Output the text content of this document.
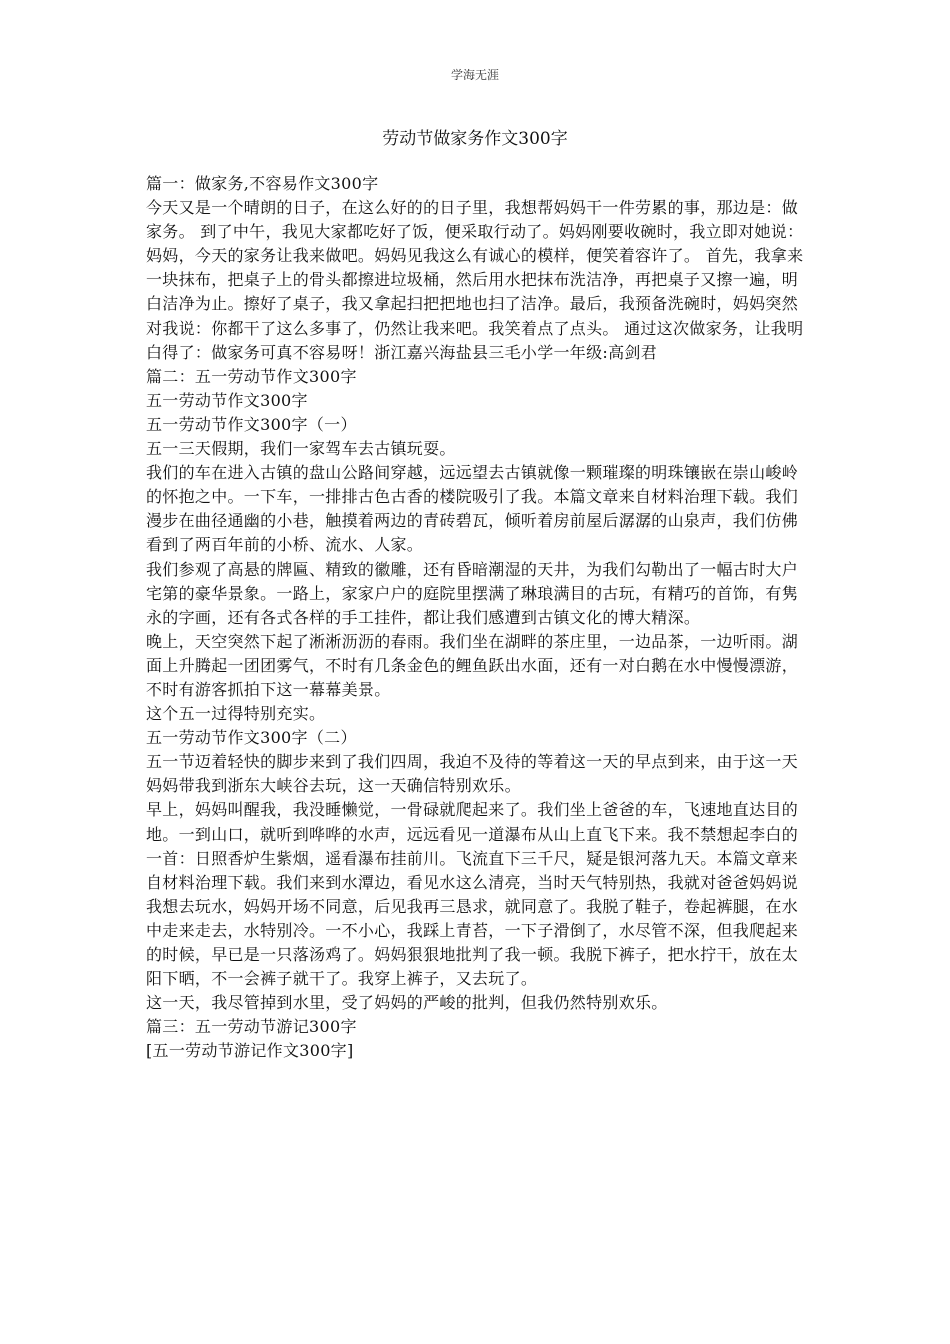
学海无涯
劳动节做家务作文300字

篇一：做家务,不容易作文300字

今天又是一个晴朗的日子，在这么好的的日子里，我想帮妈妈干一件劳累的事，那边是：做家务。 到了中午，我见大家都吃好了饭，便采取行动了。妈妈刚要收碗时，我立即对她说：妈妈，今天的家务让我来做吧。妈妈见我这么有诚心的模样，便笑着容许了。 首先，我拿来一块抹布，把桌子上的骨头都擦进垃圾桶，然后用水把抹布洗洁净，再把桌子又擦一遍，明白洁净为止。擦好了桌子，我又拿起扫把把地也扫了洁净。最后，我预备洗碗时，妈妈突然对我说：你都干了这么多事了，仍然让我来吧。我笑着点了点头。 通过这次做家务，让我明白得了：做家务可真不容易呀！浙江嘉兴海盐县三毛小学一年级:高剑君

篇二：五一劳动节作文300字

五一劳动节作文300字

五一劳动节作文300字（一）

五一三天假期，我们一家驾车去古镇玩耍。

我们的车在进入古镇的盘山公路间穿越，远远望去古镇就像一颗璀璨的明珠镶嵌在崇山峻岭的怀抱之中。一下车，一排排古色古香的楼院吸引了我。本篇文章来自材料治理下载。我们漫步在曲径通幽的小巷，触摸着两边的青砖碧瓦，倾听着房前屋后潺潺的山泉声，我们仿佛看到了两百年前的小桥、流水、人家。

我们参观了高悬的牌匾、精致的徽雕，还有昏暗潮湿的天井，为我们勾勒出了一幅古时大户宅第的豪华景象。一路上，家家户户的庭院里摆满了琳琅满目的古玩，有精巧的首饰，有隽永的字画，还有各式各样的手工挂件，都让我们感遭到古镇文化的博大精深。

晚上，天空突然下起了淅淅沥沥的春雨。我们坐在湖畔的茶庄里，一边品茶，一边听雨。湖面上升腾起一团团雾气，不时有几条金色的鲤鱼跃出水面，还有一对白鹅在水中慢慢漂游，不时有游客抓拍下这一幕幕美景。

这个五一过得特别充实。

五一劳动节作文300字（二）

五一节迈着轻快的脚步来到了我们四周，我迫不及待的等着这一天的早点到来，由于这一天妈妈带我到浙东大峡谷去玩，这一天确信特别欢乐。

早上，妈妈叫醒我，我没睡懒觉，一骨碌就爬起来了。我们坐上爸爸的车，飞速地直达目的地。一到山口，就听到哗哗的水声，远远看见一道瀑布从山上直飞下来。我不禁想起李白的一首：日照香炉生紫烟，遥看瀑布挂前川。飞流直下三千尺，疑是银河落九天。本篇文章来自材料治理下载。我们来到水潭边，看见水这么清亮，当时天气特别热，我就对爸爸妈妈说我想去玩水，妈妈开场不同意，后见我再三恳求，就同意了。我脱了鞋子，卷起裤腿，在水中走来走去，水特别冷。一不小心，我踩上青苔，一下子滑倒了，水尽管不深，但我爬起来的时候，早已是一只落汤鸡了。妈妈狠狠地批判了我一顿。我脱下裤子，把水拧干，放在太阳下晒，不一会裤子就干了。我穿上裤子，又去玩了。

这一天，我尽管掉到水里，受了妈妈的严峻的批判，但我仍然特别欢乐。

篇三：五一劳动节游记300字

[五一劳动节游记作文300字]
